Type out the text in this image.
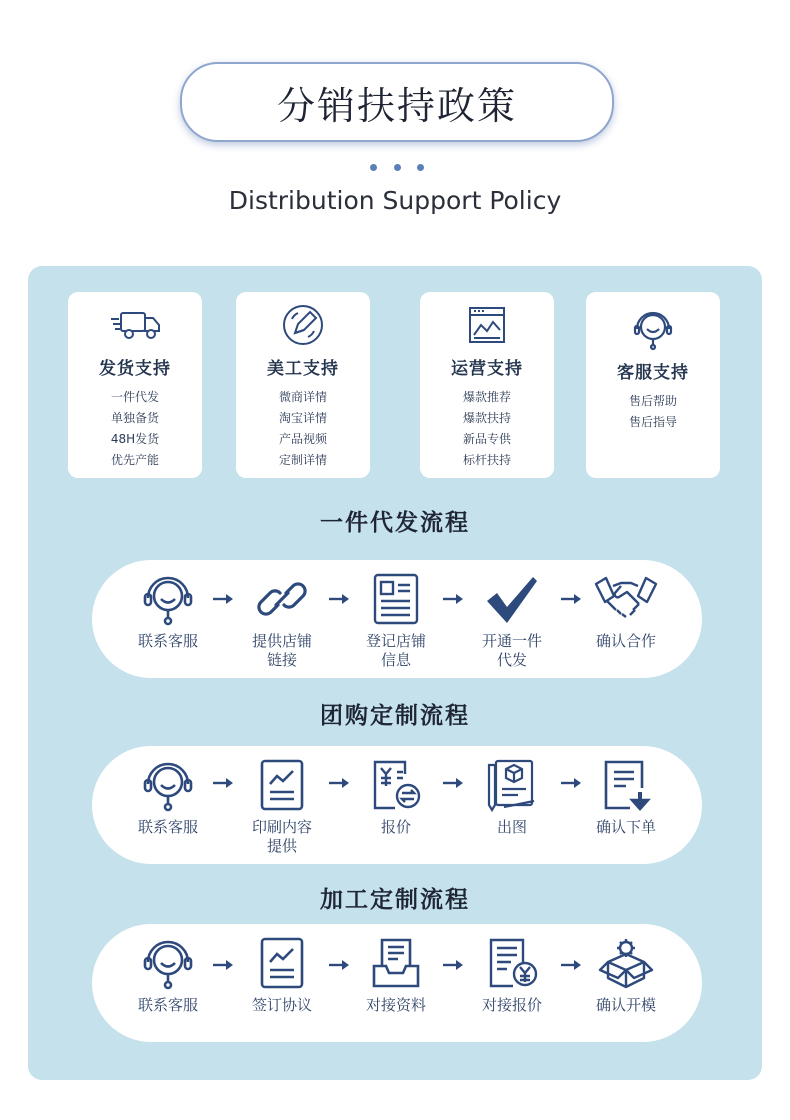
分销扶持政策
Distribution Support Policy
发货支持
一件代发
单独备货
48H发货
优先产能
美工支持
微商详情
淘宝详情
产品视频
定制详情
运营支持
爆款推荐
爆款扶持
新品专供
标杆扶持
客服支持
售后帮助
售后指导
一件代发流程
团购定制流程
加工定制流程
联系客服	提供店铺
链接
登记店铺
信息
开通一件
代发
确认合作
联系客服	印刷内容
提供
报价	出图	确认下单
联系客服	签订协议	对接资料	对接报价	确认开模
